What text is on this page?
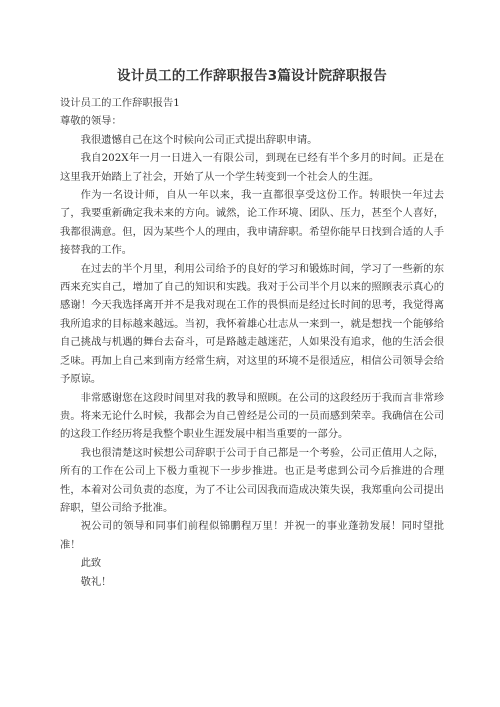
设计员工的工作辞职报告3篇设计院辞职报告

设计员工的工作辞职报告1

尊敬的领导：

我很遗憾自己在这个时候向公司正式提出辞职申请。

我自202X年一月一日进入一有限公司，到现在已经有半个多月的时间。正是在这里我开始踏上了社会，开始了从一个学生转变到一个社会人的生涯。

作为一名设计师，自从一年以来，我一直都很享受这份工作。转眼快一年过去了，我要重新确定我未来的方向。诚然，论工作环境、团队、压力，甚至个人喜好，我都很满意。但，因为某些个人的理由，我申请辞职。希望你能早日找到合适的人手接替我的工作。

在过去的半个月里，利用公司给予的良好的学习和锻炼时间，学习了一些新的东西来充实自己，增加了自己的知识和实践。我对于公司半个月以来的照顾表示真心的感谢！今天我选择离开并不是我对现在工作的畏惧而是经过长时间的思考，我觉得离我所追求的目标越来越远。当初，我怀着雄心壮志从一来到一，就是想找一个能够给自己挑战与机遇的舞台去奋斗，可是路越走越迷茫，人如果没有追求，他的生活会很乏味。再加上自己来到南方经常生病，对这里的环境不是很适应，相信公司领导会给予原谅。

非常感谢您在这段时间里对我的教导和照顾。在公司的这段经历于我而言非常珍贵。将来无论什么时候，我都会为自己曾经是公司的一员而感到荣幸。我确信在公司的这段工作经历将是我整个职业生涯发展中相当重要的一部分。

我也很清楚这时候想公司辞职于公司于自己都是一个考验，公司正值用人之际，所有的工作在公司上下极力重视下一步步推进。也正是考虑到公司今后推进的合理性，本着对公司负责的态度，为了不让公司因我而造成决策失误，我郑重向公司提出辞职，望公司给予批准。

祝公司的领导和同事们前程似锦鹏程万里！并祝一的事业蓬勃发展！同时望批准！

此致

敬礼！
